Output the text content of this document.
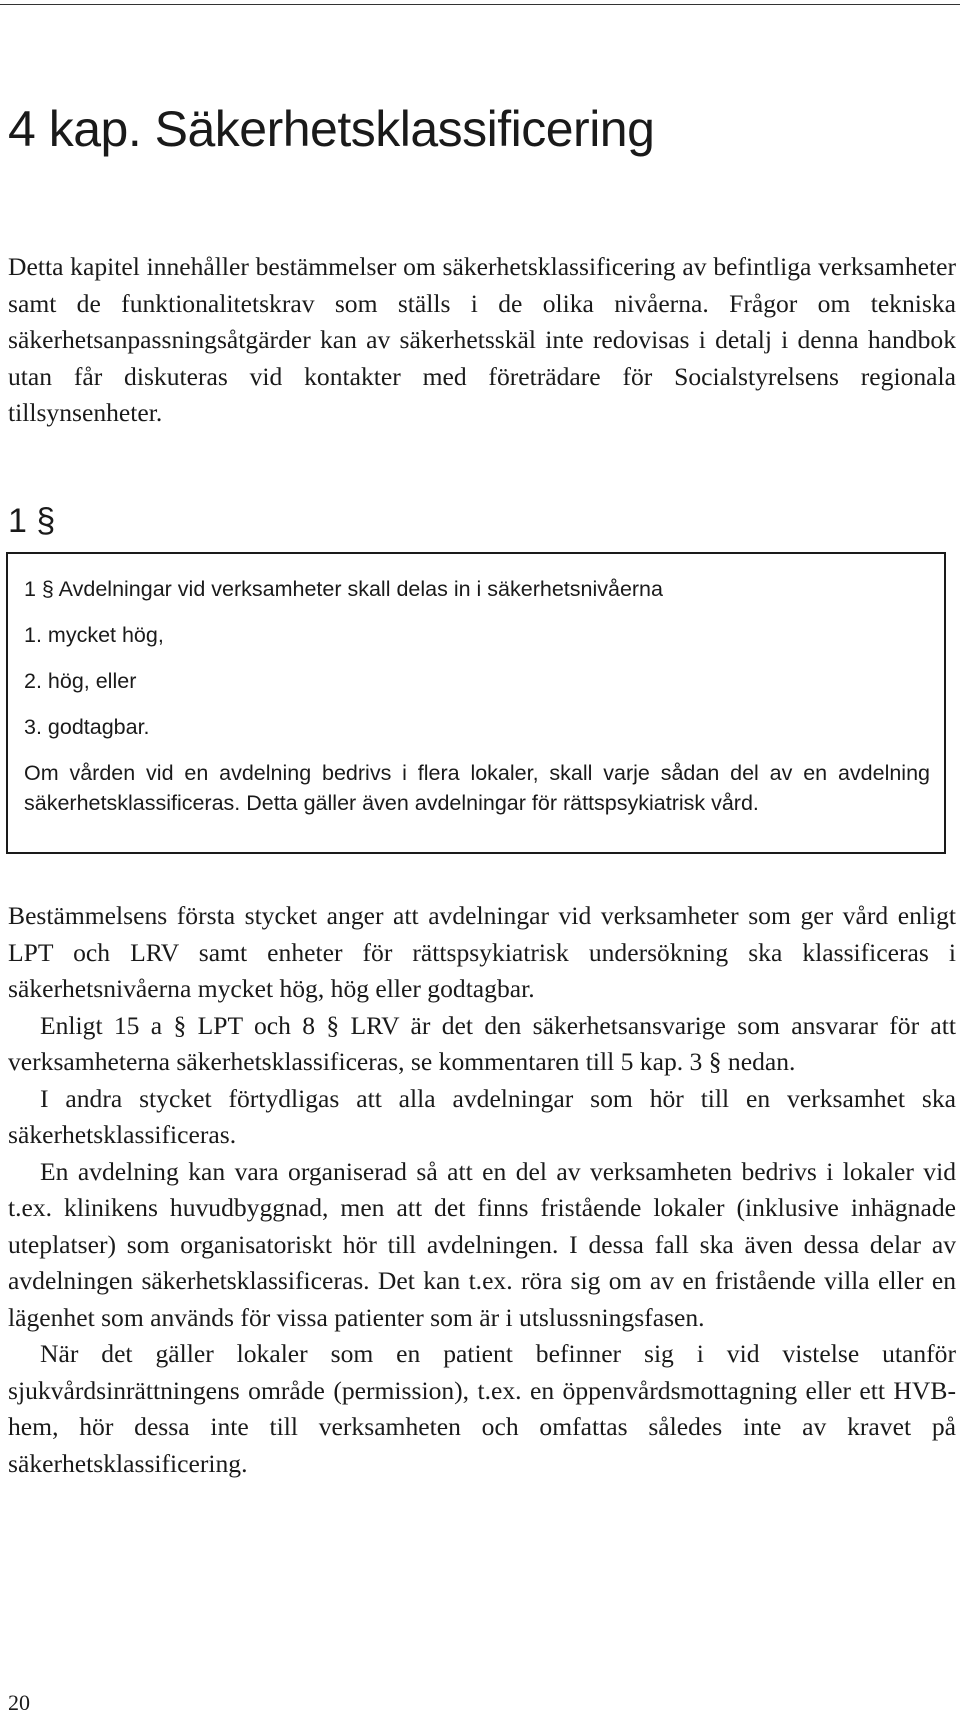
4 kap. Säkerhetsklassificering

Detta kapitel innehåller bestämmelser om säkerhetsklassificering av befintliga verksamheter samt de funktionalitetskrav som ställs i de olika nivåerna. Frågor om tekniska säkerhetsanpassningsåtgärder kan av säkerhetsskäl inte redovisas i detalj i denna handbok utan får diskuteras vid kontakter med företrädare för Socialstyrelsens regionala tillsynsenheter.

1 §

1 § Avdelningar vid verksamheter skall delas in i säkerhetsnivåerna

1. mycket hög,

2. hög, eller

3. godtagbar.

Om vården vid en avdelning bedrivs i flera lokaler, skall varje sådan del av en avdelning säkerhetsklassificeras. Detta gäller även avdelningar för rättspsykiatrisk vård.

Bestämmelsens första stycket anger att avdelningar vid verksamheter som ger vård enligt LPT och LRV samt enheter för rättspsykiatrisk undersökning ska klassificeras i säkerhetsnivåerna mycket hög, hög eller godtagbar.

Enligt 15 a § LPT och 8 § LRV är det den säkerhetsansvarige som ansvarar för att verksamheterna säkerhetsklassificeras, se kommentaren till 5 kap. 3 § nedan.

I andra stycket förtydligas att alla avdelningar som hör till en verksamhet ska säkerhetsklassificeras.

En avdelning kan vara organiserad så att en del av verksamheten bedrivs i lokaler vid t.ex. klinikens huvudbyggnad, men att det finns fristående lokaler (inklusive inhägnade uteplatser) som organisatoriskt hör till avdelningen. I dessa fall ska även dessa delar av avdelningen säkerhetsklassificeras. Det kan t.ex. röra sig om av en fristående villa eller en lägenhet som används för vissa patienter som är i utslussningsfasen.

När det gäller lokaler som en patient befinner sig i vid vistelse utanför sjukvårdsinrättningens område (permission), t.ex. en öppenvårdsmottagning eller ett HVB-hem, hör dessa inte till verksamheten och omfattas således inte av kravet på säkerhetsklassificering.

20
